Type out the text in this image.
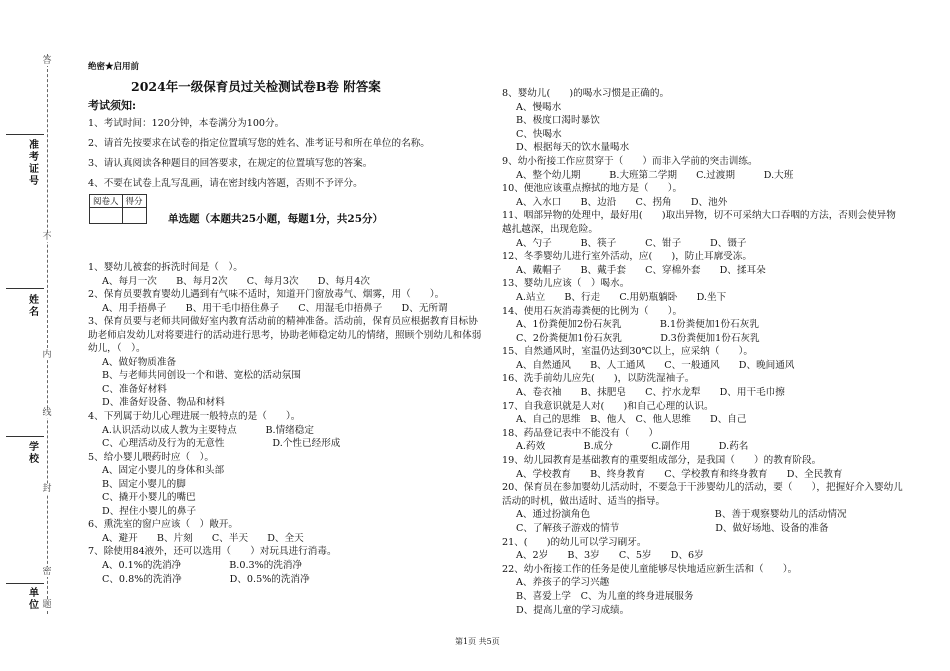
答
不
内
线
封
密
题
准考证号
姓名
学校
单位
绝密★启用前
2024年一级保育员过关检测试卷B卷 附答案
考试须知:
1、考试时间：120分钟，本卷满分为100分。
2、请首先按要求在试卷的指定位置填写您的姓名、准考证号和所在单位的名称。
3、请认真阅读各种题目的回答要求，在规定的位置填写您的答案。
4、不要在试卷上乱写乱画，请在密封线内答题，否则不予评分。
阅卷人	得分

单选题（本题共25小题，每题1分，共25分）
1、婴幼儿被套的拆洗时间是（　）。
A、每月一次　　B、每月2次　　C、每月3次　　D、每月4次
2、保育员要教育婴幼儿遇到有气味不适时，知道开门窗放毒气、烟雾，用（　　）。
A、用手捂鼻子　　B、用干毛巾捂住鼻子　　C、用湿毛巾捂鼻子　　D、无所谓
3、保育员要与老师共同做好室内教育活动前的精神准备。活动前，保育员应根据教育目标协
助老师启发幼儿对将要进行的活动进行思考，协助老师稳定幼儿的情绪，照顾个别幼儿和体弱
幼儿，（　）。
A、做好物质准备
B、与老师共同创设一个和谐、宽松的活动氛围
C、准备好材料
D、准备好设备、物品和材料
4、下列属于幼儿心理进展一般特点的是（　　）。
A.认识活动以成人教为主要特点　　　B.情绪稳定
C、心理活动及行为的无意性　　　　　D.个性已经形成
5、给小婴儿喂药时应（　）。
A、固定小婴儿的身体和头部
B、固定小婴儿的脚
C、撬开小婴儿的嘴巴
D、捏住小婴儿的鼻子
6、熏洗室的窗户应该（　）敞开。
A、避开　　B、片刻　　C、半天　　D、全天
7、除使用84液外，还可以选用（　　）对玩具进行消毒。
A、0.1%的洗消净　　　　　B.0.3%的洗消净
C、0.8%的洗消净　　　　　D、0.5%的洗消净
8、婴幼儿(　　)的喝水习惯是正确的。
A、慢喝水
B、极度口渴时暴饮
C、快喝水
D、根据每天的饮水量喝水
9、幼小衔接工作应贯穿于（　　）而非入学前的突击训练。
A、整个幼儿期　　　B.大班第二学期　　C.过渡期　　　D.大班
10、便池应该重点擦拭的地方是（　　）。
A、入水口　　B、边沿　　C、拐角　　D、池外
11、咽部异物的处理中，最好用(　　)取出异物，切不可采纳大口吞咽的方法，否则会使异物
越扎越深，出现危险。
A、勺子　　　B、筷子　　　C、钳子　　　D、镊子
12、冬季婴幼儿进行室外活动，应(　　)，防止耳廓受冻。
A、戴帽子　　B、戴手套　　C、穿棉外套　　D、揉耳朵
13、婴幼儿应该（　）喝水。
A.站立　　B、行走　　C.用奶瓶躺卧　　D.坐下
14、使用石灰消毒粪便的比例为（　　）。
A、1份粪便加2份石灰乳　　　　B.1份粪便加1份石灰乳
C、2份粪便加1份石灰乳　　　　D.3份粪便加1份石灰乳
15、自然通风时，室温仍达到30℃以上，应采纳（　　）。
A、自然通风　　B、人工通风　　C、一般通风　　D、晚间通风
16、洗手前幼儿应先(　　)，以防洗湿袖子。
A、卷衣袖　　B、抹肥皂　　C、拧水龙犁　　D、用干毛巾擦
17、自我意识就是人对(　　)和自己心理的认识。
A、自己的思维　B、他人　C、他人思维　　D、自己
18、药品登记表中不能没有（　　）
A.药效　　　　B.成分　　　　C.副作用　　　D.药名
19、幼儿园教育是基础教育的重要组成部分，是我国（　　）的教育阶段。
A、学校教育　　B、终身教育　　C、学校教育和终身教育　　D、全民教育
20、保育员在参加婴幼儿活动时，不要急于干涉婴幼儿的活动，要（　　），把握好介入婴幼儿
活动的时机，做出适时、适当的指导。
A、通过扮演角色　　　　　　　　　　　　　B、善于观察婴幼儿的活动情况
C、了解孩子游戏的情节　　　　　　　　　　D、做好场地、设备的准备
21、(　　)的幼儿可以学习刷牙。
A、2岁　　B、3岁　　C、5岁　　D、6岁
22、幼小衔接工作的任务是使儿童能够尽快地适应新生活和（　　）。
A、养孩子的学习兴趣
B、喜爱上学　C、为儿童的终身进展服务
D、提高儿童的学习成绩。
第1页 共5页
